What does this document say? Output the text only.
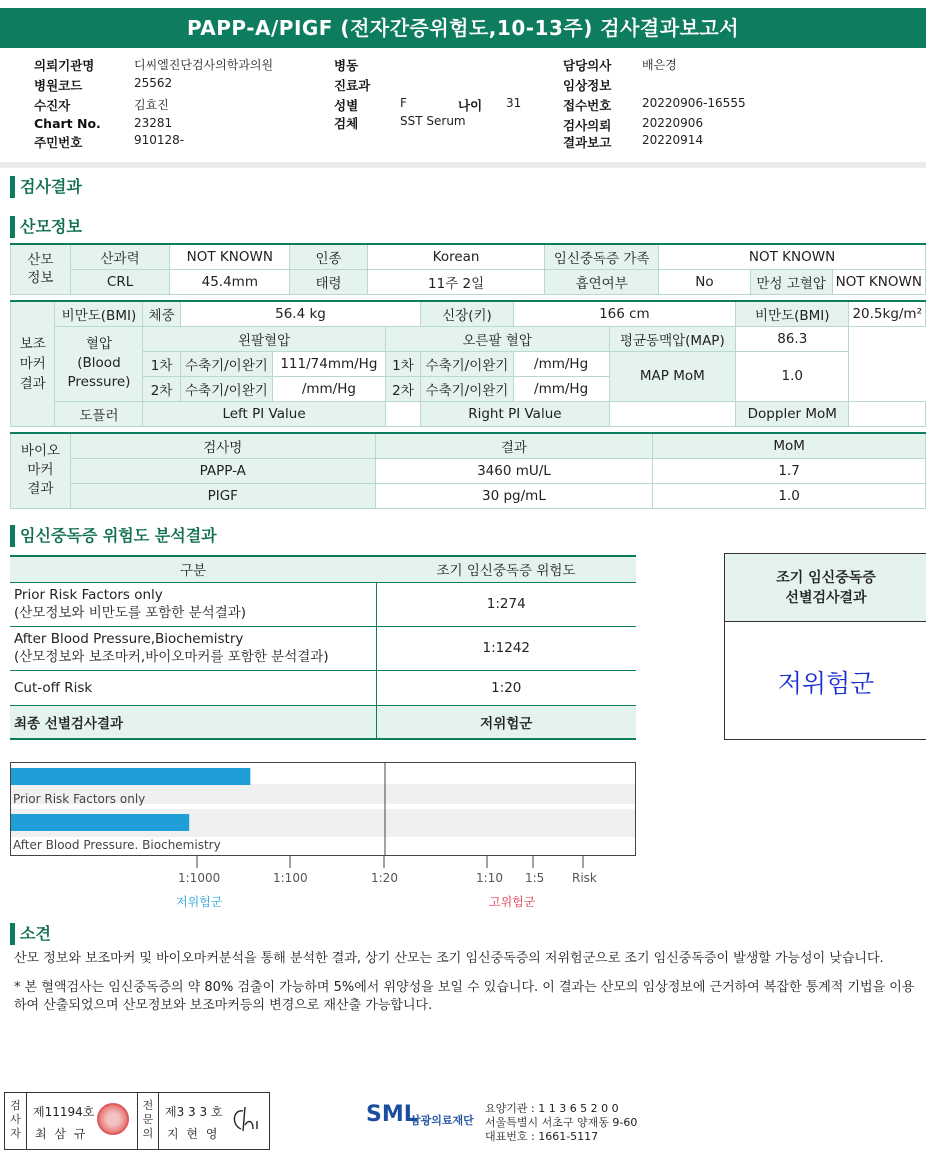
PAPP-A/PIGF (전자간증위험도,10-13주) 검사결과보고서
의뢰기관명	디씨엘진단검사의학과의원
병원코드	25562
수진자	김효진
Chart No.	23281
주민번호	910128-
병동
진료과
성별	F	나이 31
검체	SST Serum
담당의사	배은경
임상정보
접수번호	20220906-16555
검사의뢰	20220906
결과보고	20220914
검사결과
산모정보
산모
정보	산과력	NOT KNOWN	인종	Korean	임신중독증 가족	NOT KNOWN		
	CRL	45.4mm	태령	11주 2일	흡연여부	No	만성 고혈압	NOT KNOWN
보조
마커
결과	비만도(BMI)	체중	56.4 kg			신장(키)	166 cm		비만도(BMI)	20.5kg/m²
	혈압
(Blood
Pressure)	왼팔혈압			오른팔 혈압			평균동맥압(MAP)	86.3	
		1차	수축기/이완기	111/74mm/Hg	1차	수축기/이완기	/mm/Hg	MAP MoM	1.0	
		2차	수축기/이완기	/mm/Hg	2차	수축기/이완기	/mm/Hg			
	도플러	Left PI Value				Right PI Value			Doppler MoM	
바이오
마커
결과	검사명	결과	MoM
	PAPP-A	3460 mU/L	1.7
	PIGF	30 pg/mL	1.0
임신중독증 위험도 분석결과
구분	조기 임신중독증 위험도

Prior Risk Factors only
(산모정보와 비만도를 포함한 분석결과)	1:274

After Blood Pressure,Biochemistry
(산모정보와 보조마커,바이오마커를 포함한 분석결과)	1:1242
Cut-off Risk	1:20
최종 선별검사결과	저위험군
조기 임신중독증
선별검사결과
저위험군
Prior Risk Factors only
After Blood Pressure. Biochemistry
1:1000	1:100	1:20	1:10 1:5 Risk
저위험군	고위험군
소견
산모 정보와 보조마커 및 바이오마커분석을 통해 분석한 결과, 상기 산모는 조기 임신중독증의 저위험군으로 조기 임신중독증이 발생할 가능성이 낮습니다.
* 본 혈액검사는 임신중독증의 약 80% 검출이 가능하며 5%에서 위양성을 보일 수 있습니다. 이 결과는 산모의 임상정보에 근거하여 복잡한 통계적 기법을 이용하여 산출되었으며 산모정보와 보조마커등의 변경으로 재산출 가능합니다.
검
사
자
제11194호
최 삼 규
전
문
의
제3 3 3 호
지 현 영
SML
삼광의료재단
요양기관 : 1 1 3 6 5 2 0 0
서울특별시 서초구 양재동 9-60
대표번호 : 1661-5117
